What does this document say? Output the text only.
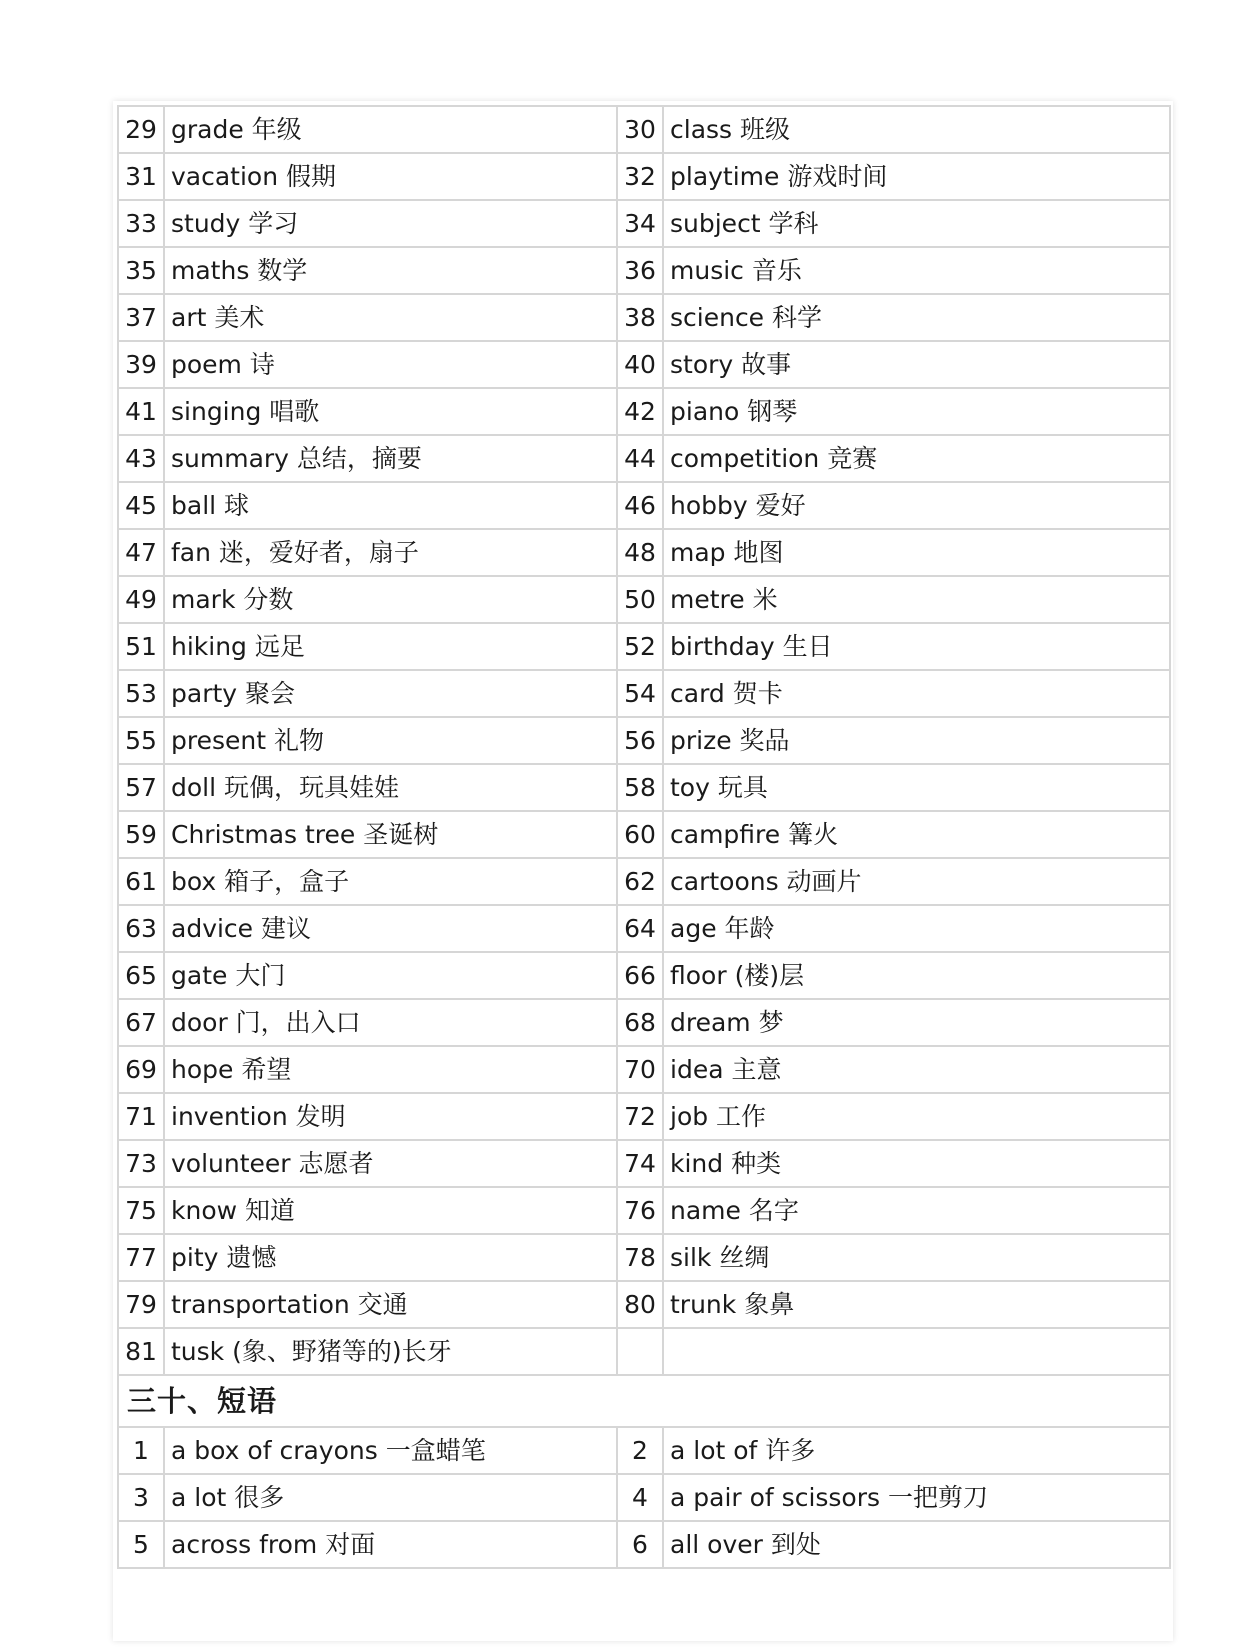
29	grade 年级	30	class 班级
31	vacation 假期	32	playtime 游戏时间
33	study 学习	34	subject 学科
35	maths 数学	36	music 音乐
37	art 美术	38	science 科学
39	poem 诗	40	story 故事
41	singing 唱歌	42	piano 钢琴
43	summary 总结，摘要	44	competition 竞赛
45	ball 球	46	hobby 爱好
47	fan 迷，爱好者，扇子	48	map 地图
49	mark 分数	50	metre 米
51	hiking 远足	52	birthday 生日
53	party 聚会	54	card 贺卡
55	present 礼物	56	prize 奖品
57	doll 玩偶，玩具娃娃	58	toy 玩具
59	Christmas tree 圣诞树	60	campfire 篝火
61	box 箱子，盒子	62	cartoons 动画片
63	advice 建议	64	age 年龄
65	gate 大门	66	floor (楼)层
67	door 门，出入口	68	dream 梦
69	hope 希望	70	idea 主意
71	invention 发明	72	job 工作
73	volunteer 志愿者	74	kind 种类
75	know 知道	76	name 名字
77	pity 遗憾	78	silk 丝绸
79	transportation 交通	80	trunk 象鼻
81	tusk (象、野猪等的)长牙		
三十、短语			
1	a box of crayons 一盒蜡笔	2	a lot of 许多
3	a lot 很多	4	a pair of scissors 一把剪刀
5	across from 对面	6	all over 到处
